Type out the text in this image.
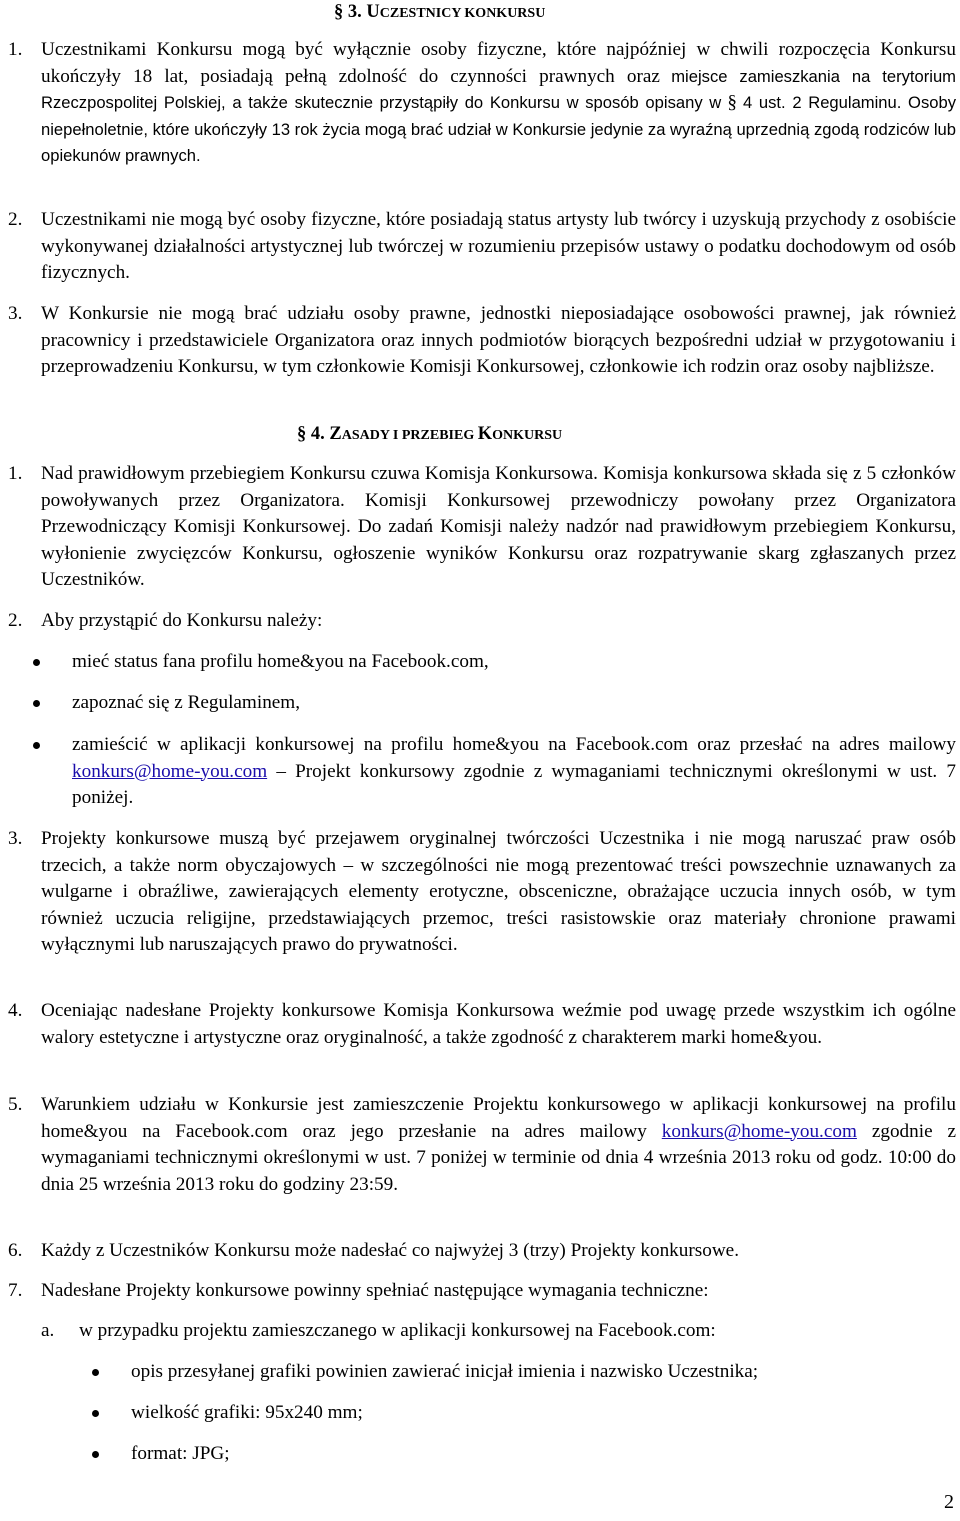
§ 3. UCZESTNICY KONKURSU
1. Uczestnikami Konkursu mogą być wyłącznie osoby fizyczne, które najpóźniej w chwili rozpoczęcia Konkursu ukończyły 18 lat, posiadają pełną zdolność do czynności prawnych oraz miejsce zamieszkania na terytorium Rzeczpospolitej Polskiej, a także skutecznie przystąpiły do Konkursu w sposób opisany w § 4 ust. 2 Regulaminu. Osoby niepełnoletnie, które ukończyły 13 rok życia mogą brać udział w Konkursie jedynie za wyraźną uprzednią zgodą rodziców lub opiekunów prawnych.
2. Uczestnikami nie mogą być osoby fizyczne, które posiadają status artysty lub twórcy i uzyskują przychody z osobiście wykonywanej działalności artystycznej lub twórczej w rozumieniu przepisów ustawy o podatku dochodowym od osób fizycznych.
3. W Konkursie nie mogą brać udziału osoby prawne, jednostki nieposiadające osobowości prawnej, jak również pracownicy i przedstawiciele Organizatora oraz innych podmiotów biorących bezpośredni udział w przygotowaniu i przeprowadzeniu Konkursu, w tym członkowie Komisji Konkursowej, członkowie ich rodzin oraz osoby najbliższe.
§ 4. ZASADY I PRZEBIEG KONKURSU
1. Nad prawidłowym przebiegiem Konkursu czuwa Komisja Konkursowa. Komisja konkursowa składa się z 5 członków powoływanych przez Organizatora. Komisji Konkursowej przewodniczy powołany przez Organizatora Przewodniczący Komisji Konkursowej. Do zadań Komisji należy nadzór nad prawidłowym przebiegiem Konkursu, wyłonienie zwycięzców Konkursu, ogłoszenie wyników Konkursu oraz rozpatrywanie skarg zgłaszanych przez Uczestników.
2. Aby przystąpić do Konkursu należy:
mieć status fana profilu home&you na Facebook.com,
zapoznać się z Regulaminem,
zamieścić w aplikacji konkursowej na profilu home&you na Facebook.com oraz przesłać na adres mailowy konkurs@home-you.com – Projekt konkursowy zgodnie z wymaganiami technicznymi określonymi w ust. 7 poniżej.
3. Projekty konkursowe muszą być przejawem oryginalnej twórczości Uczestnika i nie mogą naruszać praw osób trzecich, a także norm obyczajowych – w szczególności nie mogą prezentować treści powszechnie uznawanych za wulgarne i obraźliwe, zawierających elementy erotyczne, obsceniczne, obrażające uczucia innych osób, w tym również uczucia religijne, przedstawiających przemoc, treści rasistowskie oraz materiały chronione prawami wyłącznymi lub naruszających prawo do prywatności.
4. Oceniając nadesłane Projekty konkursowe Komisja Konkursowa weźmie pod uwagę przede wszystkim ich ogólne walory estetyczne i artystyczne oraz oryginalność, a także zgodność z charakterem marki home&you.
5. Warunkiem udziału w Konkursie jest zamieszczenie Projektu konkursowego w aplikacji konkursowej na profilu home&you na Facebook.com oraz jego przesłanie na adres mailowy konkurs@home-you.com zgodnie z wymaganiami technicznymi określonymi w ust. 7 poniżej w terminie od dnia 4 września 2013 roku od godz. 10:00 do dnia 25 września 2013 roku do godziny 23:59.
6. Każdy z Uczestników Konkursu może nadesłać co najwyżej 3 (trzy) Projekty konkursowe.
7. Nadesłane Projekty konkursowe powinny spełniać następujące wymagania techniczne:
a. w przypadku projektu zamieszczanego w aplikacji konkursowej na Facebook.com:
opis przesyłanej grafiki powinien zawierać inicjał imienia i nazwisko Uczestnika;
wielkość grafiki: 95x240 mm;
format: JPG;
2
